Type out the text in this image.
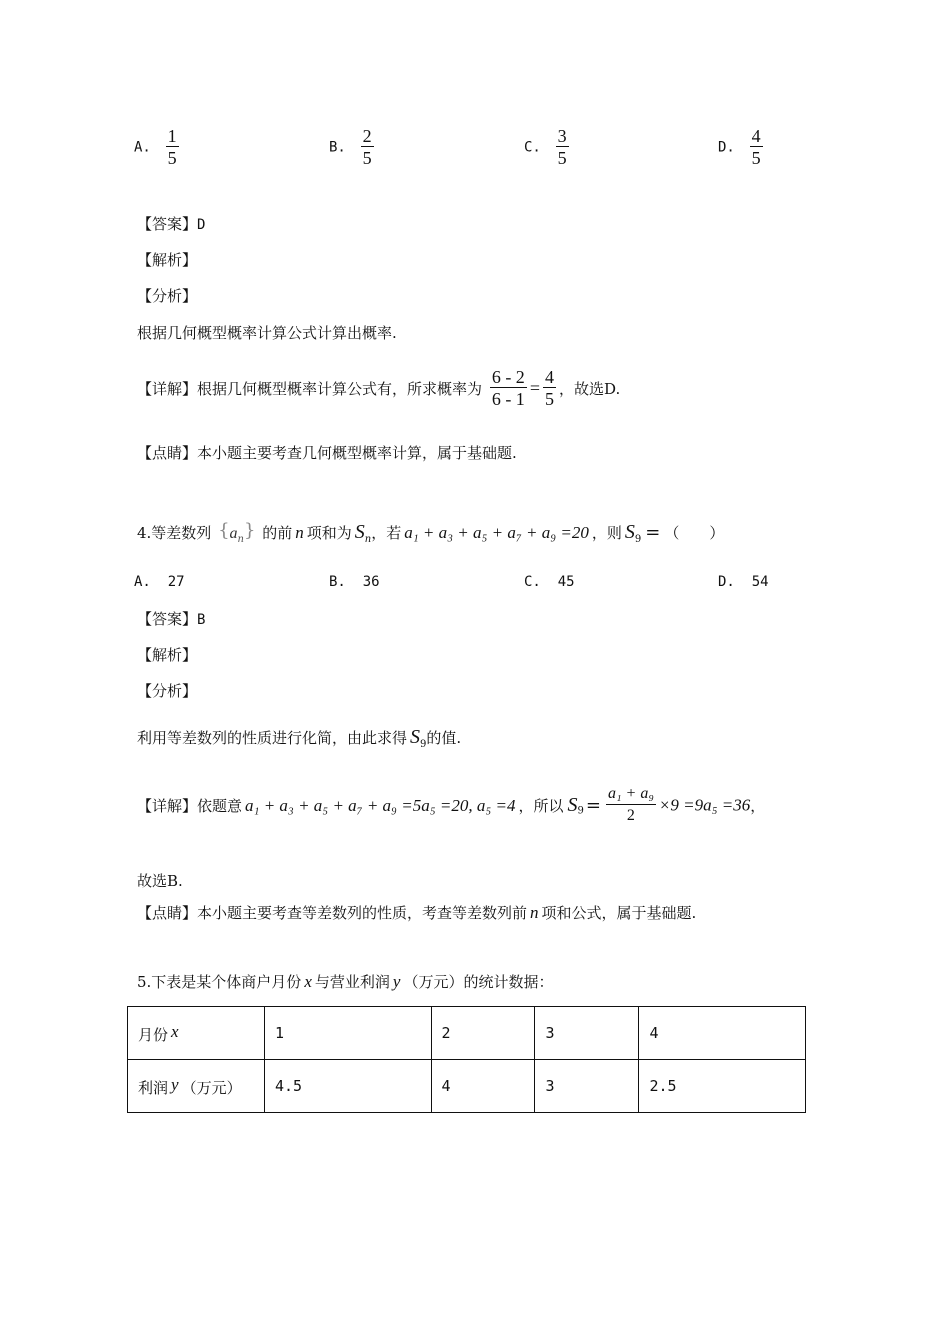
A. $\frac{1}{5}$	B. $\frac{2}{5}$	C. $\frac{3}{5}$	D. $\frac{4}{5}$
【答案】D
【解析】
【分析】
根据几何概型概率计算公式计算出概率.
【详解】根据几何概型概率计算公式有，所求概率为 $\frac{6 - 2}{6 - 1} = \frac{4}{5}$ ，故选D.
【点睛】本小题主要考查几何概型概率计算，属于基础题.
4.等差数列 $\{a_n\}$ 的前 n 项和为 $S_n$，若 a₁ + a₃ + a₅ + a₇ + a₉ =20 ，则 $S_9$ = （　　）
A. 27	B. 36	C. 45	D. 54
【答案】B
【解析】
【分析】
利用等差数列的性质进行化简，由此求得 $S_9$的值.
【详解】依题意 a₁ + a₃ + a₅ + a₇ + a₉ =5a₅ =20, a₅ =4 ，所以 $S_9 = \frac{\text{a₁ + a₉}}{2} \times 9 =9a_5 =36$，
故选B.
【点睛】本小题主要考查等差数列的性质，考查等差数列前 n 项和公式，属于基础题.
5.下表是某个体商户月份 x 与营业利润 y （万元）的统计数据：
月份 x	1	2	3	4
利润 y （万元）	4.5	4	3	2.5
